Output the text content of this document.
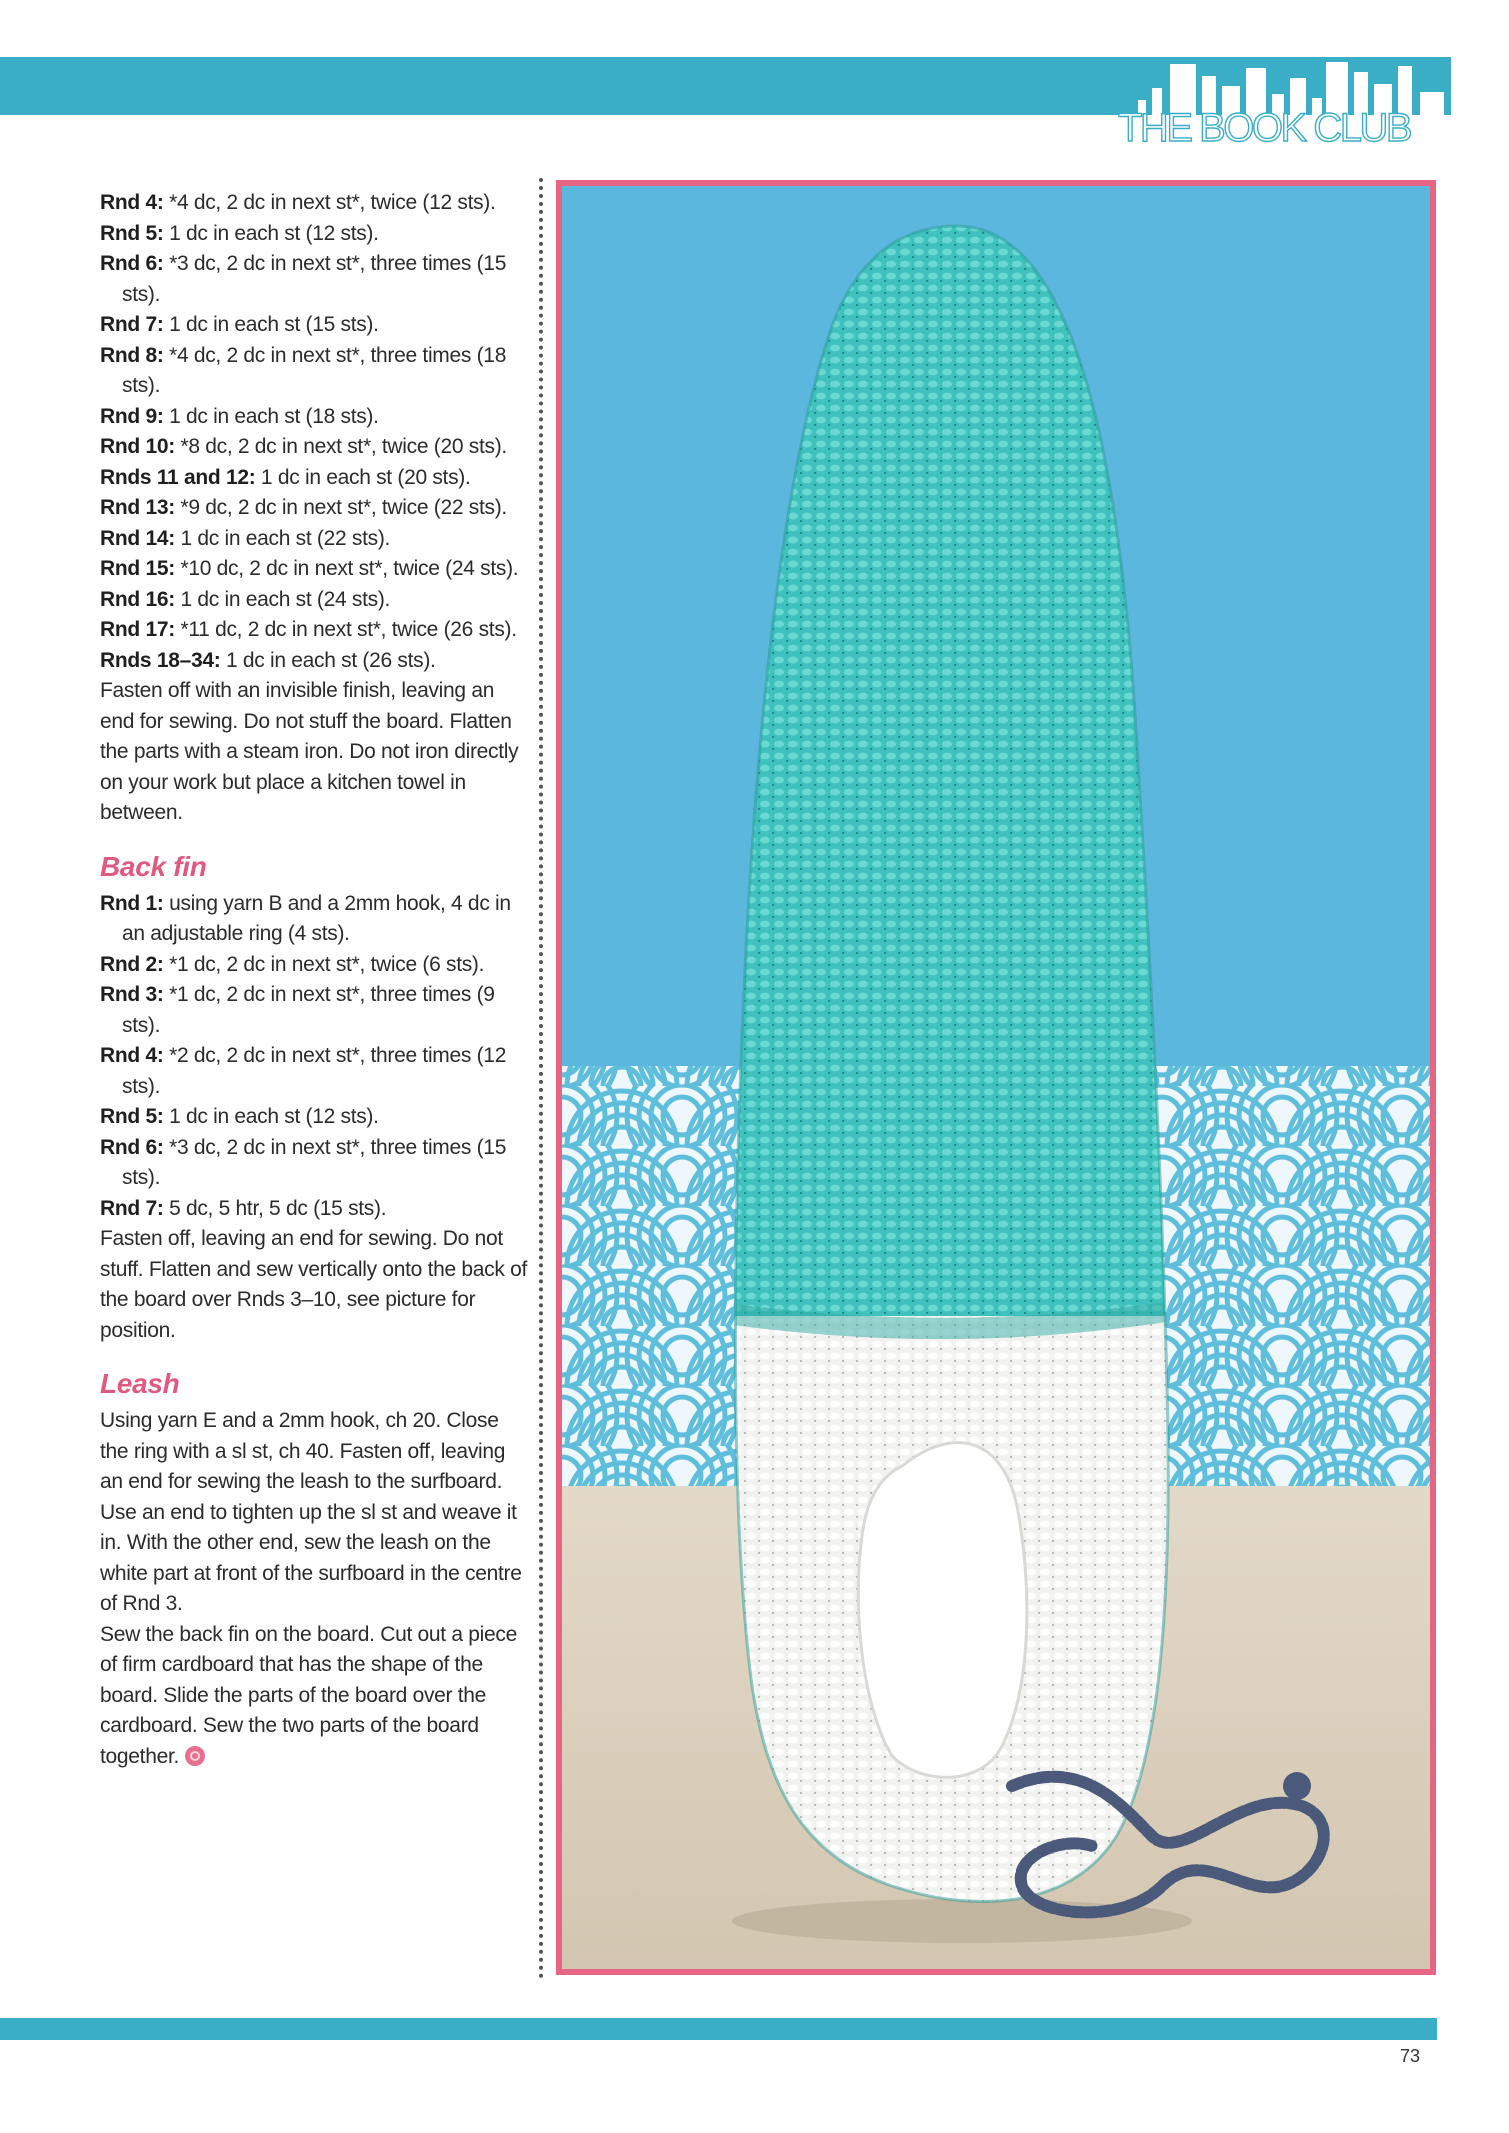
THE BOOK CLUB

Rnd 4: *4 dc, 2 dc in next st*, twice (12 sts).

Rnd 5: 1 dc in each st (12 sts).

Rnd 6: *3 dc, 2 dc in next st*, three times (15 sts).

Rnd 7: 1 dc in each st (15 sts).

Rnd 8: *4 dc, 2 dc in next st*, three times (18 sts).

Rnd 9: 1 dc in each st (18 sts).

Rnd 10: *8 dc, 2 dc in next st*, twice (20 sts).

Rnds 11 and 12: 1 dc in each st (20 sts).

Rnd 13: *9 dc, 2 dc in next st*, twice (22 sts).

Rnd 14: 1 dc in each st (22 sts).

Rnd 15: *10 dc, 2 dc in next st*, twice (24 sts).

Rnd 16: 1 dc in each st (24 sts).

Rnd 17: *11 dc, 2 dc in next st*, twice (26 sts).

Rnds 18–34: 1 dc in each st (26 sts).

Fasten off with an invisible finish, leaving an end for sewing. Do not stuff the board. Flatten the parts with a steam iron. Do not iron directly on your work but place a kitchen towel in between.

Back fin

Rnd 1: using yarn B and a 2mm hook, 4 dc in an adjustable ring (4 sts).

Rnd 2: *1 dc, 2 dc in next st*, twice (6 sts).

Rnd 3: *1 dc, 2 dc in next st*, three times (9 sts).

Rnd 4: *2 dc, 2 dc in next st*, three times (12 sts).

Rnd 5: 1 dc in each st (12 sts).

Rnd 6: *3 dc, 2 dc in next st*, three times (15 sts).

Rnd 7: 5 dc, 5 htr, 5 dc (15 sts).

Fasten off, leaving an end for sewing. Do not stuff. Flatten and sew vertically onto the back of the board over Rnds 3–10, see picture for position.

Leash

Using yarn E and a 2mm hook, ch 20. Close the ring with a sl st, ch 40. Fasten off, leaving an end for sewing the leash to the surfboard. Use an end to tighten up the sl st and weave it in. With the other end, sew the leash on the white part at front of the surfboard in the centre of Rnd 3.

Sew the back fin on the board. Cut out a piece of firm cardboard that has the shape of the board. Slide the parts of the board over the cardboard. Sew the two parts of the board together.

73
